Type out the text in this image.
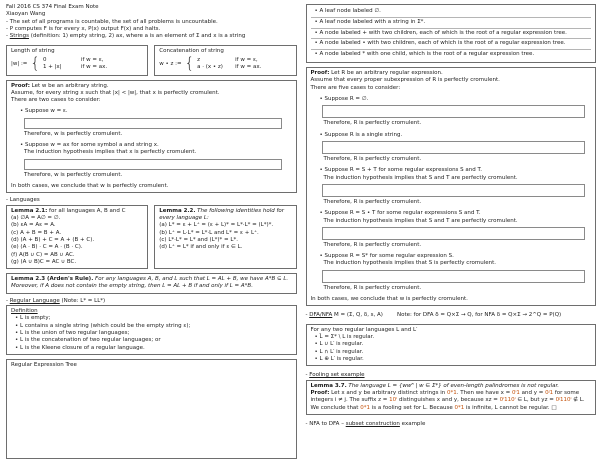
Fall 2016 CS 374 Final Exam Note
Xiaoyan Wang
- The set of all programs is countable, the set of all problems is uncountable.
- P computes F is for every x, P(x) output F(x) and halts.
- Strings (definition: 1) empty string, 2) ax, where a is an element of Σ and x is a string
Length of string
|w| := { 0	if w = ε,
1 + |x|	if w = ax.
Concatenation of string
w • z := { z	if w = ε,
a · (x • z)	if w = ax.
Proof: Let w be an arbitrary string.
Assume, for every string x such that |x| < |w|, that x is perfectly cromulent.
There are two cases to consider:
• Suppose w = ε.
Therefore, w is perfectly cromulent.
• Suppose w = ax for some symbol a and string x.
The induction hypothesis implies that x is perfectly cromulent.
Therefore, w is perfectly cromulent.
In both cases, we conclude that w is perfectly cromulent.
- Languages
Lemma 2.1: for all languages A, B and C
(a) ∅A = A∅ = ∅.
(b) εA = Aε = A.
(c) A + B = B + A.
(d) (A + B) + C = A + (B + C).
(e) (A · B) · C = A · (B · C).
(f) A(B ∪ C) = AB ∪ AC.
(g) (A ∪ B)C = AC ∪ BC.
Lemma 2.2. The following identities hold for every language L:
(a) L* = ε + L⁺ = (ε + L)* = L*·L* = (L*)*.
(b) L⁺ = L·L* = L*·L and L* = ε + L⁺.
(c) L*·L* = L* and (L*)* = L*.
(d) L⁺ = L* if and only if ε ∈ L.
Lemma 2.3 (Arden's Rule). For any languages A, B, and L such that L = AL + B, we have A*B ⊆ L. Moreover, if A does not contain the empty string, then L = AL + B if and only if L = A*B.
- Regular Language (Note: L* = LL*)
Definition
• L is empty;
• L contains a single string (which could be the empty string ε);
• L is the union of two regular languages;
• L is the concatenation of two regular languages; or
• L is the Kleene closure of a regular language.
Regular Expression Tree
• A leaf node labeled ∅.
• A leaf node labeled with a string in Σ*.
• A node labeled + with two children, each of which is the root of a regular expression tree.
• A node labeled • with two children, each of which is the root of a regular expression tree.
• A node labeled * with one child, which is the root of a regular expression tree.
Proof: Let R be an arbitrary regular expression.
Assume that every proper subexpression of R is perfectly cromulent.
There are five cases to consider:
• Suppose R = ∅.
Therefore, R is perfectly cromulent.
• Suppose R is a single string.
Therefore, R is perfectly cromulent.
• Suppose R = S + T for some regular expressions S and T.
The induction hypothesis implies that S and T are perfectly cromulent.
Therefore, R is perfectly cromulent.
• Suppose R = S • T for some regular expressions S and T.
The induction hypothesis implies that S and T are perfectly cromulent.
Therefore, R is perfectly cromulent.
• Suppose R = S* for some regular expression S.
The induction hypothesis implies that S is perfectly cromulent.
Therefore, R is perfectly cromulent.
In both cases, we conclude that w is perfectly cromulent.
- DFA/NFA M = (Σ, Q, δ, s, A)	Note: for DFA δ = Q×Σ → Q, for NFA δ = Q×Σ → 2^Q = P(Q)
For any two regular languages L and L′
• L̄ = Σ* \ L is regular.
• L ∪ L′ is regular.
• L ∩ L′ is regular.
• L ⊕ L′ is regular.
- Fooling set example
Lemma 3.7. The language L = {wwᴿ | w ∈ Σ*} of even-length palindromes is not regular.
Proof: Let x and y be arbitrary distinct strings in 0*1. Then we have x = 0ⁱ1 and y = 0ʲ1 for some integers i ≠ j. The suffix z = 10ⁱ distinguishes x and y, because xz = 0ⁱ110ⁱ ∈ L, but yz = 0ʲ110ⁱ ∉ L. We conclude that 0*1 is a fooling set for L. Because 0*1 is infinite, L cannot be regular. □
- NFA to DFA – subset construction example
